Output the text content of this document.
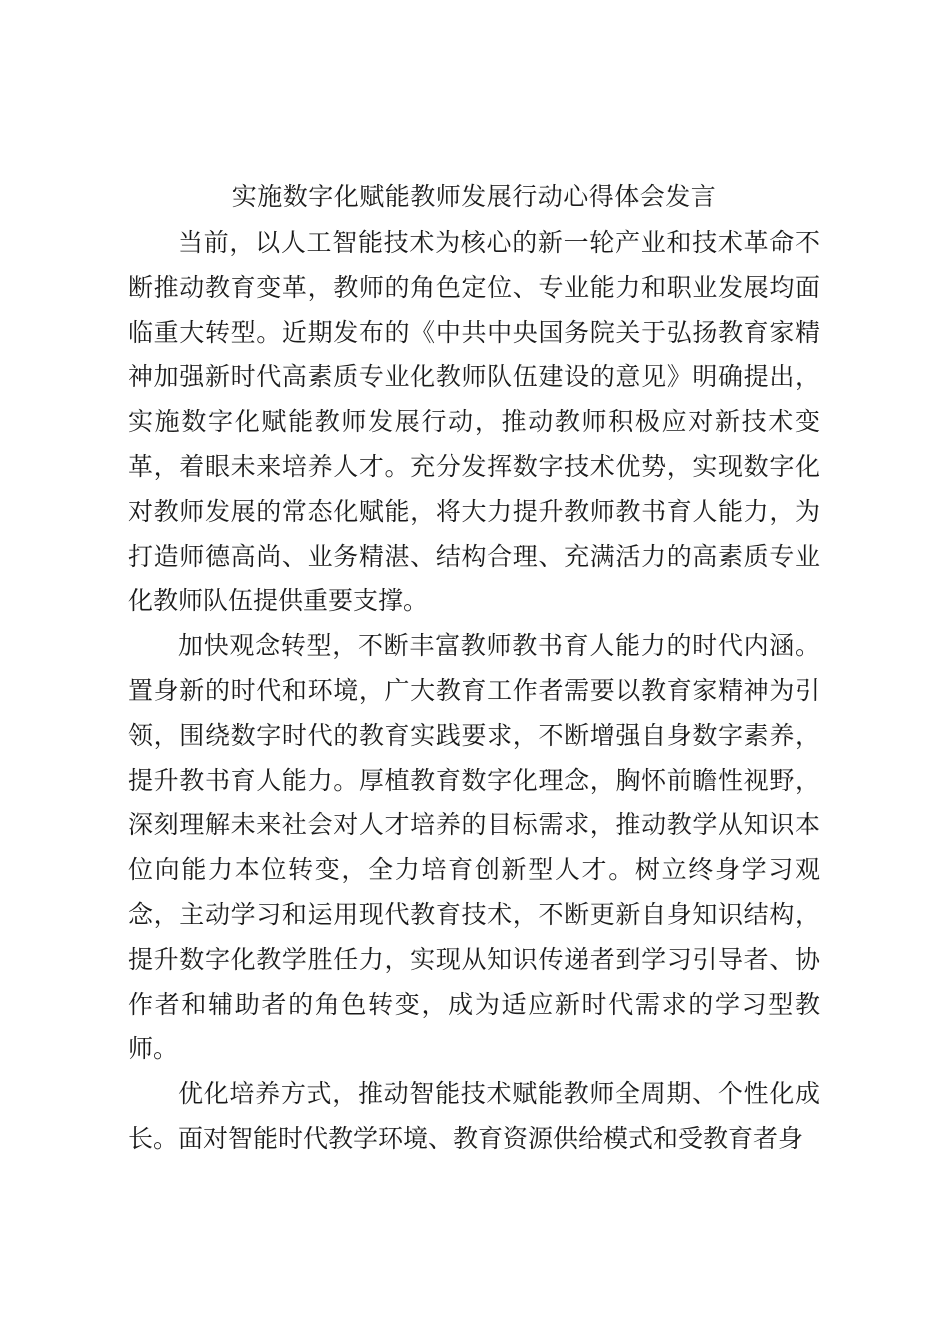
实施数字化赋能教师发展行动心得体会发言

当前，以人工智能技术为核心的新一轮产业和技术革命不断推动教育变革，教师的角色定位、专业能力和职业发展均面临重大转型。近期发布的《中共中央国务院关于弘扬教育家精神加强新时代高素质专业化教师队伍建设的意见》明确提出，实施数字化赋能教师发展行动，推动教师积极应对新技术变革，着眼未来培养人才。充分发挥数字技术优势，实现数字化对教师发展的常态化赋能，将大力提升教师教书育人能力，为打造师德高尚、业务精湛、结构合理、充满活力的高素质专业化教师队伍提供重要支撑。

加快观念转型，不断丰富教师教书育人能力的时代内涵。置身新的时代和环境，广大教育工作者需要以教育家精神为引领，围绕数字时代的教育实践要求，不断增强自身数字素养，提升教书育人能力。厚植教育数字化理念，胸怀前瞻性视野，深刻理解未来社会对人才培养的目标需求，推动教学从知识本位向能力本位转变，全力培育创新型人才。树立终身学习观念，主动学习和运用现代教育技术，不断更新自身知识结构，提升数字化教学胜任力，实现从知识传递者到学习引导者、协作者和辅助者的角色转变，成为适应新时代需求的学习型教师。

优化培养方式，推动智能技术赋能教师全周期、个性化成长。面对智能时代教学环境、教育资源供给模式和受教育者身
